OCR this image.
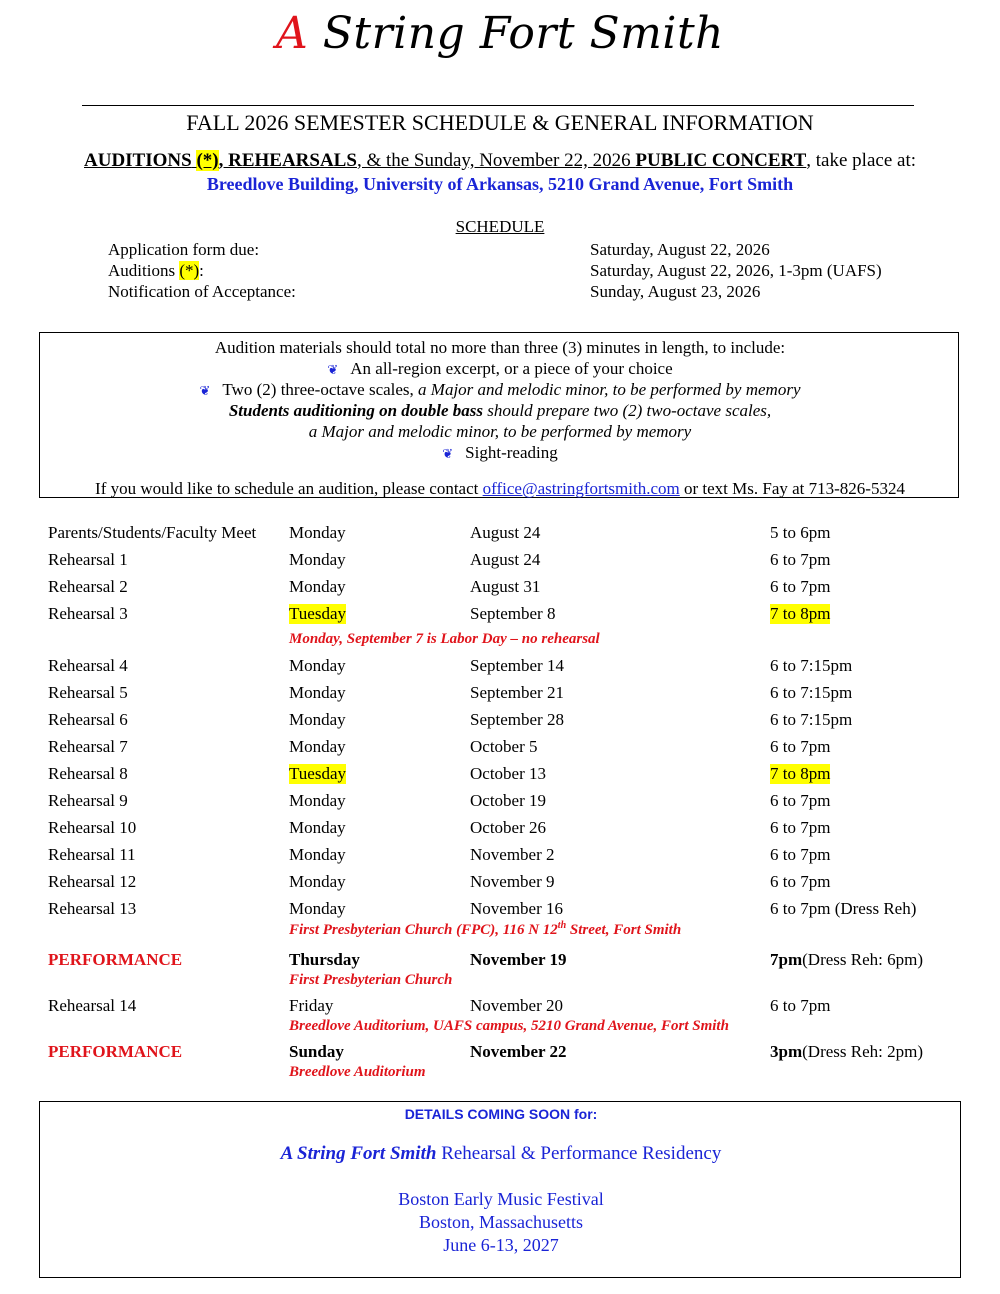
A String Fort Smith
FALL 2026 SEMESTER SCHEDULE & GENERAL INFORMATION
AUDITIONS (*), REHEARSALS, & the Sunday, November 22, 2026 PUBLIC CONCERT, take place at:
Breedlove Building, University of Arkansas, 5210 Grand Avenue, Fort Smith
SCHEDULE
Application form due:	Saturday, August 22, 2026
Auditions (*):	Saturday, August 22, 2026, 1-3pm (UAFS)
Notification of Acceptance:	Sunday, August 23, 2026
Audition materials should total no more than three (3) minutes in length, to include:
❦ An all-region excerpt, or a piece of your choice
❦ Two (2) three-octave scales, a Major and melodic minor, to be performed by memory
Students auditioning on double bass should prepare two (2) two-octave scales,
a Major and melodic minor, to be performed by memory
❦ Sight-reading
If you would like to schedule an audition, please contact office@astringfortsmith.com or text Ms. Fay at 713-826-5324
Parents/Students/Faculty Meet Monday	August 24	5 to 6pm
Rehearsal 1	Monday	August 24	6 to 7pm
Rehearsal 2	Monday	August 31	6 to 7pm
Rehearsal 3	Tuesday	September 8	7 to 8pm
Monday, September 7 is Labor Day – no rehearsal
Rehearsal 4	Monday	September 14	6 to 7:15pm
Rehearsal 5	Monday	September 21	6 to 7:15pm
Rehearsal 6	Monday	September 28	6 to 7:15pm
Rehearsal 7	Monday	October 5	6 to 7pm
Rehearsal 8	Tuesday	October 13	7 to 8pm
Rehearsal 9	Monday	October 19	6 to 7pm
Rehearsal 10	Monday	October 26	6 to 7pm
Rehearsal 11	Monday	November 2	6 to 7pm
Rehearsal 12	Monday	November 9	6 to 7pm
Rehearsal 13	Monday	November 16	6 to 7pm (Dress Reh)
First Presbyterian Church (FPC), 116 N 12th Street, Fort Smith
PERFORMANCE	Thursday	November 19	7pm (Dress Reh: 6pm)
First Presbyterian Church
Rehearsal 14	Friday	November 20	6 to 7pm
Breedlove Auditorium, UAFS campus, 5210 Grand Avenue, Fort Smith
PERFORMANCE	Sunday	November 22	3pm (Dress Reh: 2pm)
Breedlove Auditorium
DETAILS COMING SOON for:
A String Fort Smith Rehearsal & Performance Residency
Boston Early Music Festival
Boston, Massachusetts
June 6-13, 2027
